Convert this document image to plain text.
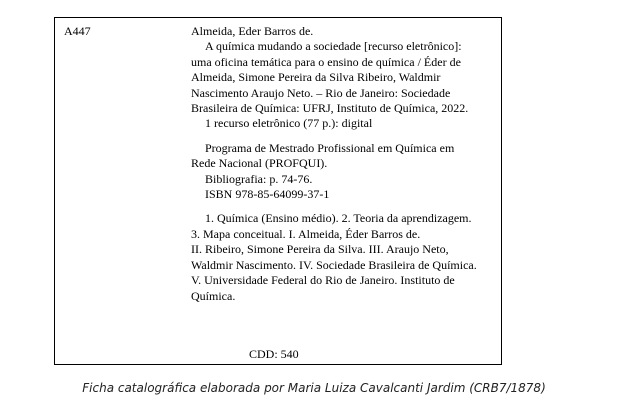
A447	Almeida, Eder Barros de.
A química mudando a sociedade [recurso eletrônico]:
uma oficina temática para o ensino de química / Éder de
Almeida, Simone Pereira da Silva Ribeiro, Waldmir
Nascimento Araujo Neto. – Rio de Janeiro: Sociedade
Brasileira de Química: UFRJ, Instituto de Química, 2022.
1 recurso eletrônico (77 p.): digital
Programa de Mestrado Profissional em Química em
Rede Nacional (PROFQUI).
Bibliografia: p. 74-76.
ISBN 978-85-64099-37-1
1. Química (Ensino médio). 2. Teoria da aprendizagem.
3. Mapa conceitual. I. Almeida, Éder Barros de.
II. Ribeiro, Simone Pereira da Silva. III. Araujo Neto,
Waldmir Nascimento. IV. Sociedade Brasileira de Química.
V. Universidade Federal do Rio de Janeiro. Instituto de
Química.
CDD: 540
Ficha catalográfica elaborada por Maria Luiza Cavalcanti Jardim (CRB7/1878)
